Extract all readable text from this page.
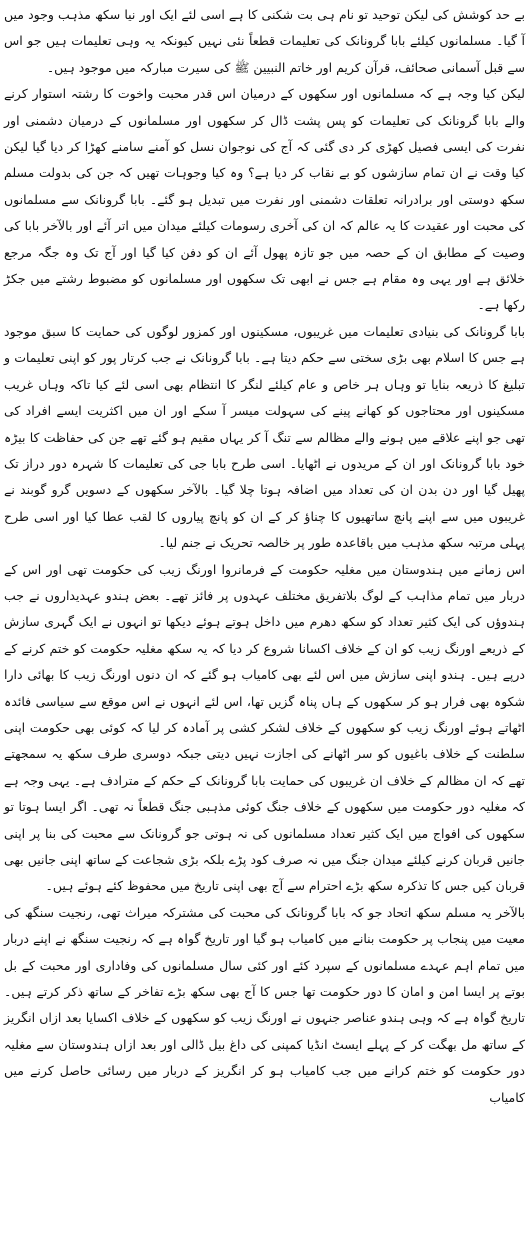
بے حد کوشش کی لیکن توحید تو نام ہی بت شکنی کا ہے اسی لئے ایک اور نیا سکھ مذہب وجود میں آ گیا۔ مسلمانوں کیلئے بابا گرونانک کی تعلیمات قطعاً نئی نہیں کیونکہ یہ وہی تعلیمات ہیں جو اس سے قبل آسمانی صحائف، قرآن کریم اور خاتم النبیین ﷺ کی سیرت مبارکہ میں موجود ہیں۔
لیکن کیا وجہ ہے کہ مسلمانوں اور سکھوں کے درمیان اس قدر محبت واخوت کا رشتہ استوار کرنے والے بابا گرونانک کی تعلیمات کو پس پشت ڈال کر سکھوں اور مسلمانوں کے درمیان دشمنی اور نفرت کی ایسی فصیل کھڑی کر دی گئی کہ آج کی نوجوان نسل کو آمنے سامنے کھڑا کر دیا گیا لیکن کیا وقت نے ان تمام سازشوں کو بے نقاب کر دیا ہے؟ وہ کیا وجوہات تھیں کہ جن کی بدولت مسلم سکھ دوستی اور برادرانہ تعلقات دشمنی اور نفرت میں تبدیل ہو گئے۔ بابا گرونانک سے مسلمانوں کی محبت اور عقیدت کا یہ عالم کہ ان کی آخری رسومات کیلئے میدان میں اتر آئے اور بالآخر بابا کی وصیت کے مطابق ان کے حصہ میں جو تازہ پھول آئے ان کو دفن کیا گیا اور آج تک وہ جگہ مرجع خلائق ہے اور یہی وہ مقام ہے جس نے ابھی تک سکھوں اور مسلمانوں کو مضبوط رشتے میں جکڑ رکھا ہے۔
بابا گرونانک کی بنیادی تعلیمات میں غریبوں، مسکینوں اور کمزور لوگوں کی حمایت کا سبق موجود ہے جس کا اسلام بھی بڑی سختی سے حکم دیتا ہے۔ بابا گرونانک نے جب کرتار پور کو اپنی تعلیمات و تبلیغ کا ذریعہ بنایا تو وہاں ہر خاص و عام کیلئے لنگر کا انتظام بھی اسی لئے کیا تاکہ وہاں غریب مسکینوں اور محتاجوں کو کھانے پینے کی سہولت میسر آ سکے اور ان میں اکثریت ایسے افراد کی تھی جو اپنے علاقے میں ہونے والے مظالم سے تنگ آ کر یہاں مقیم ہو گئے تھے جن کی حفاظت کا بیڑہ خود بابا گرونانک اور ان کے مریدوں نے اٹھایا۔ اسی طرح بابا جی کی تعلیمات کا شہرہ دور دراز تک پھیل گیا اور دن بدن ان کی تعداد میں اضافہ ہوتا چلا گیا۔ بالآخر سکھوں کے دسویں گرو گوبند نے غریبوں میں سے اپنے پانچ ساتھیوں کا چناؤ کر کے ان کو پانچ پیاروں کا لقب عطا کیا اور اسی طرح پہلی مرتبہ سکھ مذہب میں باقاعدہ طور پر خالصہ تحریک نے جنم لیا۔
اس زمانے میں ہندوستان میں مغلیہ حکومت کے فرمانروا اورنگ زیب کی حکومت تھی اور اس کے دربار میں تمام مذاہب کے لوگ بلاتفریق مختلف عہدوں پر فائز تھے۔ بعض ہندو عہدیداروں نے جب ہندوؤں کی ایک کثیر تعداد کو سکھ دھرم میں داخل ہوتے ہوئے دیکھا تو انہوں نے ایک گہری سازش کے ذریعے اورنگ زیب کو ان کے خلاف اکسانا شروع کر دیا کہ یہ سکھ مغلیہ حکومت کو ختم کرنے کے درپے ہیں۔ ہندو اپنی سازش میں اس لئے بھی کامیاب ہو گئے کہ ان دنوں اورنگ زیب کا بھائی دارا شکوہ بھی فرار ہو کر سکھوں کے ہاں پناہ گزیں تھا، اس لئے انہوں نے اس موقع سے سیاسی فائدہ اٹھاتے ہوئے اورنگ زیب کو سکھوں کے خلاف لشکر کشی پر آمادہ کر لیا کہ کوئی بھی حکومت اپنی سلطنت کے خلاف باغیوں کو سر اٹھانے کی اجازت نہیں دیتی جبکہ دوسری طرف سکھ یہ سمجھتے تھے کہ ان مظالم کے خلاف ان غریبوں کی حمایت بابا گرونانک کے حکم کے مترادف ہے۔ یہی وجہ ہے کہ مغلیہ دور حکومت میں سکھوں کے خلاف جنگ کوئی مذہبی جنگ قطعاً نہ تھی۔ اگر ایسا ہوتا تو سکھوں کی افواج میں ایک کثیر تعداد مسلمانوں کی نہ ہوتی جو گرونانک سے محبت کی بنا پر اپنی جانیں قربان کرنے کیلئے میدان جنگ میں نہ صرف کود پڑے بلکہ بڑی شجاعت کے ساتھ اپنی جانیں بھی قربان کیں جس کا تذکرہ سکھ بڑے احترام سے آج بھی اپنی تاریخ میں محفوظ کئے ہوئے ہیں۔
بالآخر یہ مسلم سکھ اتحاد جو کہ بابا گرونانک کی محبت کی مشترکہ میراث تھی، رنجیت سنگھ کی معیت میں پنجاب پر حکومت بنانے میں کامیاب ہو گیا اور تاریخ گواہ ہے کہ رنجیت سنگھ نے اپنے دربار میں تمام اہم عہدے مسلمانوں کے سپرد کئے اور کئی سال مسلمانوں کی وفاداری اور محبت کے بل بوتے پر ایسا امن و امان کا دور حکومت تھا جس کا آج بھی سکھ بڑے تفاخر کے ساتھ ذکر کرتے ہیں۔ تاریخ گواہ ہے کہ وہی ہندو عناصر جنہوں نے اورنگ زیب کو سکھوں کے خلاف اکسایا بعد ازاں انگریز کے ساتھ مل بھگت کر کے پہلے ایسٹ انڈیا کمپنی کی داغ بیل ڈالی اور بعد ازاں ہندوستان سے مغلیہ دور حکومت کو ختم کرانے میں جب کامیاب ہو کر انگریز کے دربار میں رسائی حاصل کرنے میں کامیاب
